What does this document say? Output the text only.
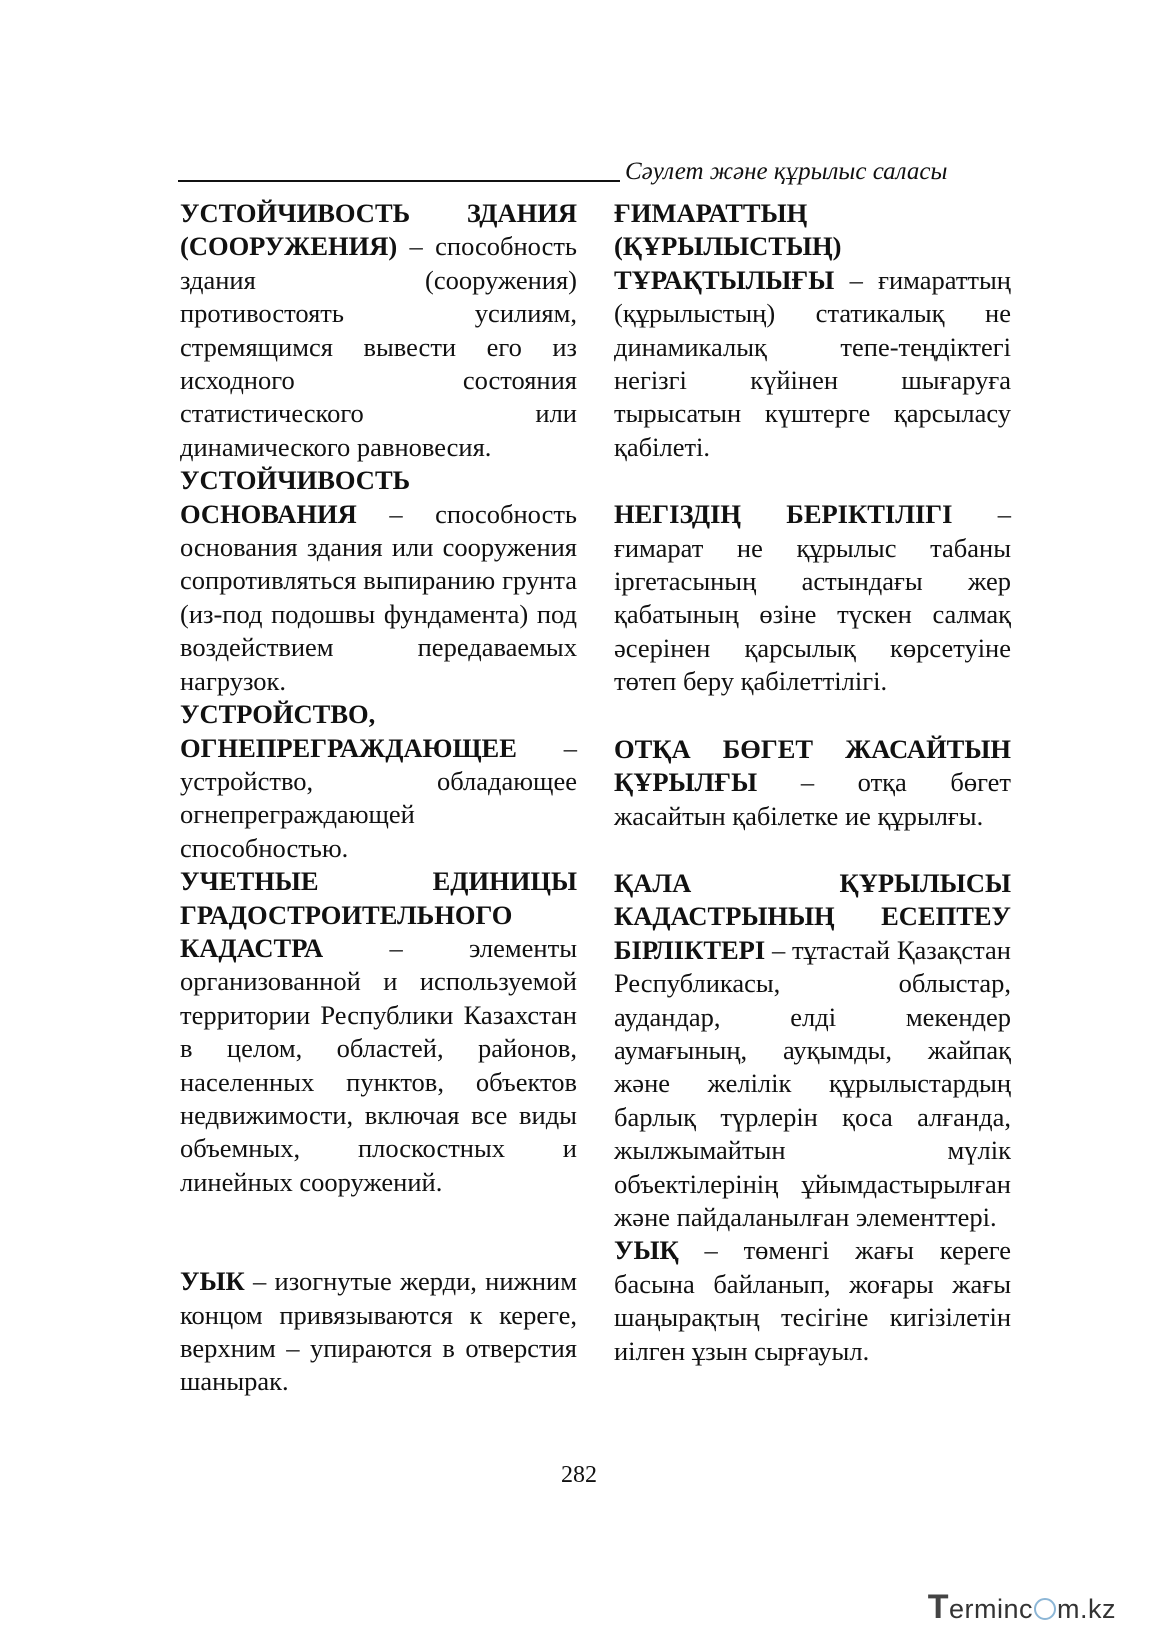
Сәулет және құрылыс саласы

УСТОЙЧИВОСТЬ ЗДАНИЯ (СООРУЖЕНИЯ) – способность здания (сооружения) противостоять усилиям, стремящимся вывести его из исходного состояния статистического или динамического равновесия.

УСТОЙЧИВОСТЬ ОСНОВАНИЯ – способность основания здания или сооружения сопротивляться выпиранию грунта (из-под подошвы фундамента) под воздействием передаваемых нагрузок.

УСТРОЙСТВО, ОГНЕПРЕГРАЖДАЮЩЕЕ – устройство, обладающее огнепреграждающей способностью.

УЧЕТНЫЕ ЕДИНИЦЫ ГРАДОСТРОИТЕЛЬНОГО КАДАСТРА – элементы организованной и используемой территории Республики Казахстан в целом, областей, районов, населенных пунктов, объектов недвижимости, включая все виды объемных, плоскостных и линейных сооружений.

УЫК – изогнутые жерди, нижним концом привязываются к кереге, верхним – упираются в отверстия шанырак.

ҒИМАРАТТЫҢ (ҚҰРЫЛЫСТЫҢ) ТҰРАҚТЫЛЫҒЫ – ғимараттың (құрылыстың) статикалық не динамикалық тепе-теңдіктегі негізгі күйінен шығаруға тырысатын күштерге қарсыласу қабілеті.

НЕГІЗДІҢ БЕРІКТІЛІГІ – ғимарат не құрылыс табаны іргетасының астындағы жер қабатының өзіне түскен салмақ әсерінен қарсылық көрсетуіне төтеп беру қабілеттілігі.

ОТҚА БӨГЕТ ЖАСАЙТЫН ҚҰРЫЛҒЫ – отқа бөгет жасайтын қабілетке ие құрылғы.

ҚАЛА ҚҰРЫЛЫСЫ КАДАСТРЫНЫҢ ЕСЕПТЕУ БІРЛІКТЕРІ – тұтастай Қазақстан Республикасы, облыстар, аудандар, елді мекендер аумағының, ауқымды, жайпақ және желілік құрылыстардың барлық түрлерін қоса алғанда, жылжымайтын мүлік объектілерінің ұйымдастырылған және пайдаланылған элементтері.

УЫҚ – төменгі жағы кереге басына байланып, жоғары жағы шаңырақтың тесігіне кигізілетін иілген ұзын сырғауыл.

282
Terminc m.kz
